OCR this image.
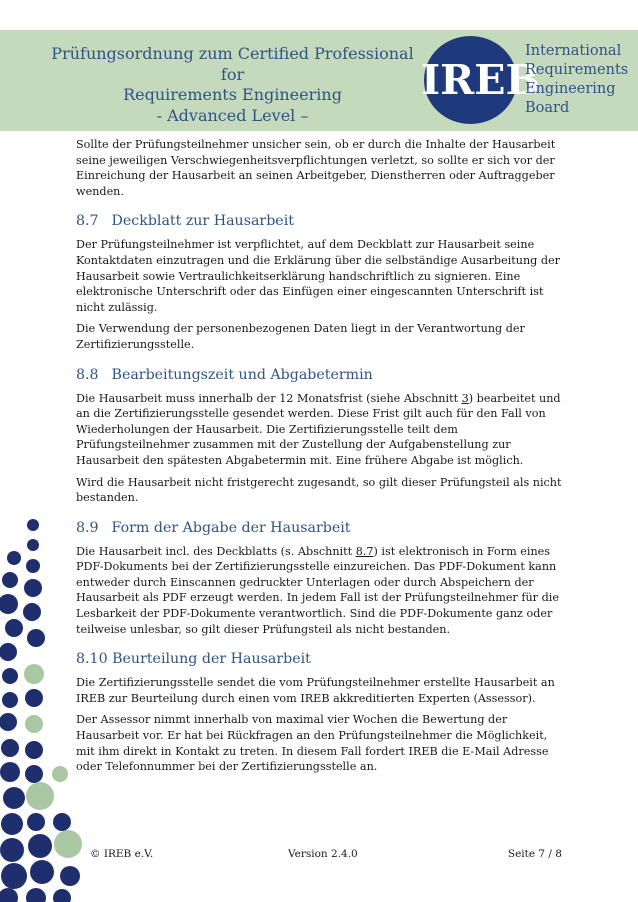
Prüfungsordnung zum Certified Professional for
Requirements Engineering
- Advanced Level –
IREB
International
Requirements
Engineering
Board

Sollte der Prüfungsteilnehmer unsicher sein, ob er durch die Inhalte der Hausarbeit seine jeweiligen Verschwiegenheitsverpflichtungen verletzt, so sollte er sich vor der Einreichung der Hausarbeit an seinen Arbeitgeber, Dienstherren oder Auftraggeber wenden.

8.7 Deckblatt zur Hausarbeit

Der Prüfungsteilnehmer ist verpflichtet, auf dem Deckblatt zur Hausarbeit seine Kontaktdaten einzutragen und die Erklärung über die selbständige Ausarbeitung der Hausarbeit sowie Vertraulichkeitserklärung handschriftlich zu signieren. Eine elektronische Unterschrift oder das Einfügen einer eingescannten Unterschrift ist nicht zulässig.

Die Verwendung der personenbezogenen Daten liegt in der Verantwortung der Zertifizierungsstelle.

8.8 Bearbeitungszeit und Abgabetermin

Die Hausarbeit muss innerhalb der 12 Monatsfrist (siehe Abschnitt 3) bearbeitet und an die Zertifizierungsstelle gesendet werden. Diese Frist gilt auch für den Fall von Wiederholungen der Hausarbeit. Die Zertifizierungsstelle teilt dem Prüfungsteilnehmer zusammen mit der Zustellung der Aufgabenstellung zur Hausarbeit den spätesten Abgabetermin mit. Eine frühere Abgabe ist möglich.

Wird die Hausarbeit nicht fristgerecht zugesandt, so gilt dieser Prüfungsteil als nicht bestanden.

8.9 Form der Abgabe der Hausarbeit

Die Hausarbeit incl. des Deckblatts (s. Abschnitt 8.7) ist elektronisch in Form eines PDF-Dokuments bei der Zertifizierungsstelle einzureichen. Das PDF-Dokument kann entweder durch Einscannen gedruckter Unterlagen oder durch Abspeichern der Hausarbeit als PDF erzeugt werden. In jedem Fall ist der Prüfungsteilnehmer für die Lesbarkeit der PDF-Dokumente verantwortlich. Sind die PDF-Dokumente ganz oder teilweise unlesbar, so gilt dieser Prüfungsteil als nicht bestanden.

8.10 Beurteilung der Hausarbeit

Die Zertifizierungsstelle sendet die vom Prüfungsteilnehmer erstellte Hausarbeit an IREB zur Beurteilung durch einen vom IREB akkreditierten Experten (Assessor).

Der Assessor nimmt innerhalb von maximal vier Wochen die Bewertung der Hausarbeit vor. Er hat bei Rückfragen an den Prüfungsteilnehmer die Möglichkeit, mit ihm direkt in Kontakt zu treten. In diesem Fall fordert IREB die E-Mail Adresse oder Telefonnummer bei der Zertifizierungsstelle an.

© IREB e.V.	Version 2.4.0	Seite 7 / 8
